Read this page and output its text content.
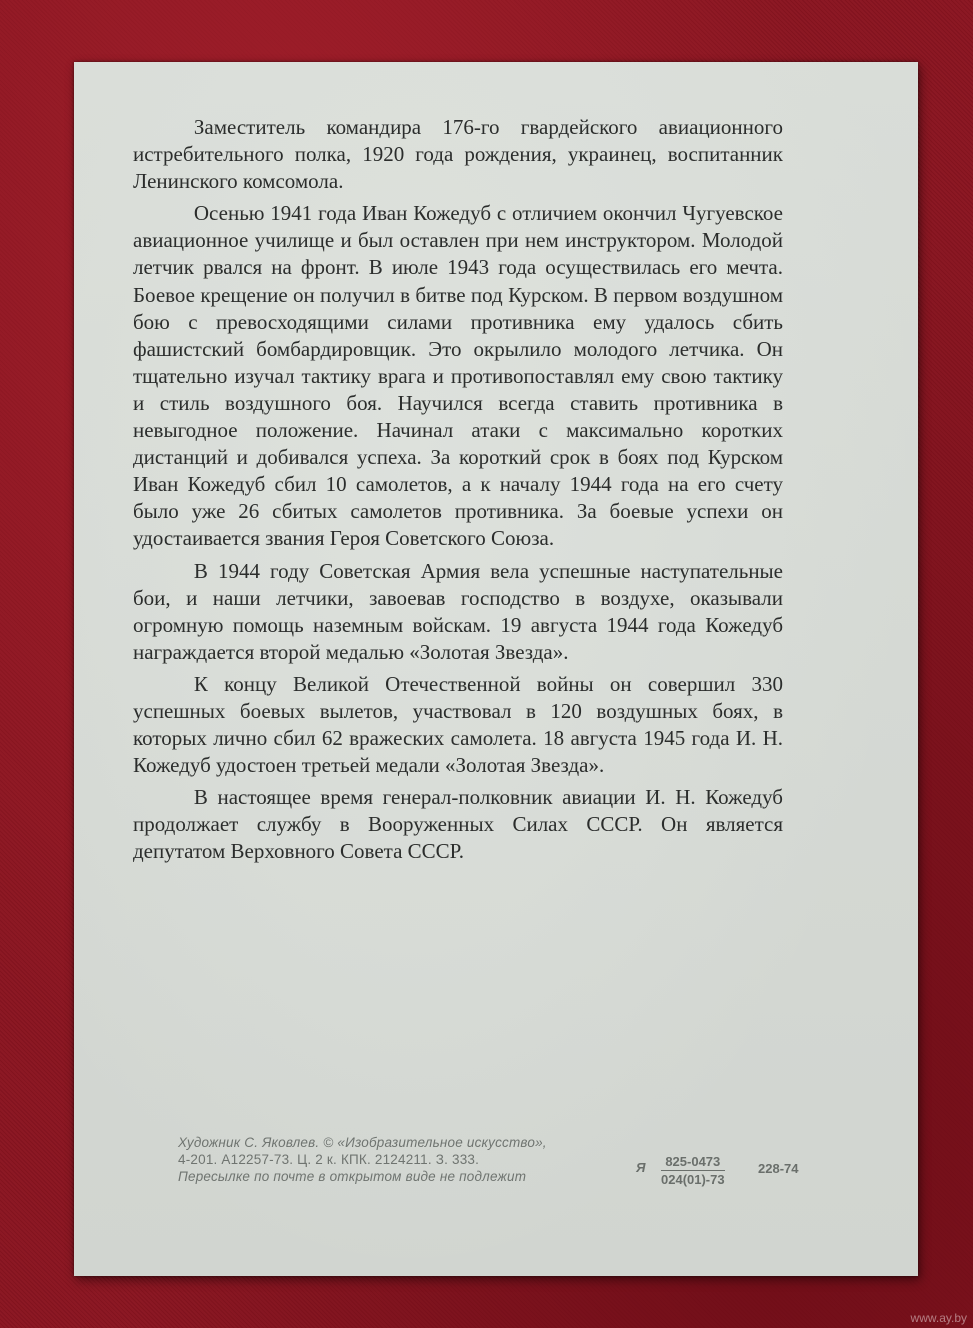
Заместитель командира 176-го гвардейского авиационного истребительного полка, 1920 года рождения, украинец, воспитанник Ленинского комсомола.

Осенью 1941 года Иван Кожедуб с отличием окончил Чугуевское авиационное училище и был оставлен при нем инструктором. Молодой летчик рвался на фронт. В июле 1943 года осуществилась его мечта. Боевое крещение он получил в битве под Курском. В первом воздушном бою с превосходящими силами противника ему удалось сбить фашистский бомбардировщик. Это окрылило молодого летчика. Он тщательно изучал тактику врага и противопоставлял ему свою тактику и стиль воздушного боя. Научился всегда ставить противника в невыгодное положение. Начинал атаки с максимально коротких дистанций и добивался успеха. За короткий срок в боях под Курском Иван Кожедуб сбил 10 самолетов, а к началу 1944 года на его счету было уже 26 сбитых самолетов противника. За боевые успехи он удостаивается звания Героя Советского Союза.

В 1944 году Советская Армия вела успешные наступательные бои, и наши летчики, завоевав господство в воздухе, оказывали огромную помощь наземным войскам. 19 августа 1944 года Кожедуб награждается второй медалью «Золотая Звезда».

К концу Великой Отечественной войны он совершил 330 успешных боевых вылетов, участвовал в 120 воздушных боях, в которых лично сбил 62 вражеских самолета. 18 августа 1945 года И. Н. Кожедуб удостоен третьей медали «Золотая Звезда».

В настоящее время генерал-полковник авиации И. Н. Кожедуб продолжает службу в Вооруженных Силах СССР. Он является депутатом Верховного Совета СССР.

Художник С. Яковлев. © «Изобразительное искусство»,
4-201. А12257-73. Ц. 2 к. КПК. 2124211. З. 333.
Пересылке по почте в открытом виде не подлежит
Я $\frac{825-0473}{024(01)-73}$	228-74
www.ay.by
